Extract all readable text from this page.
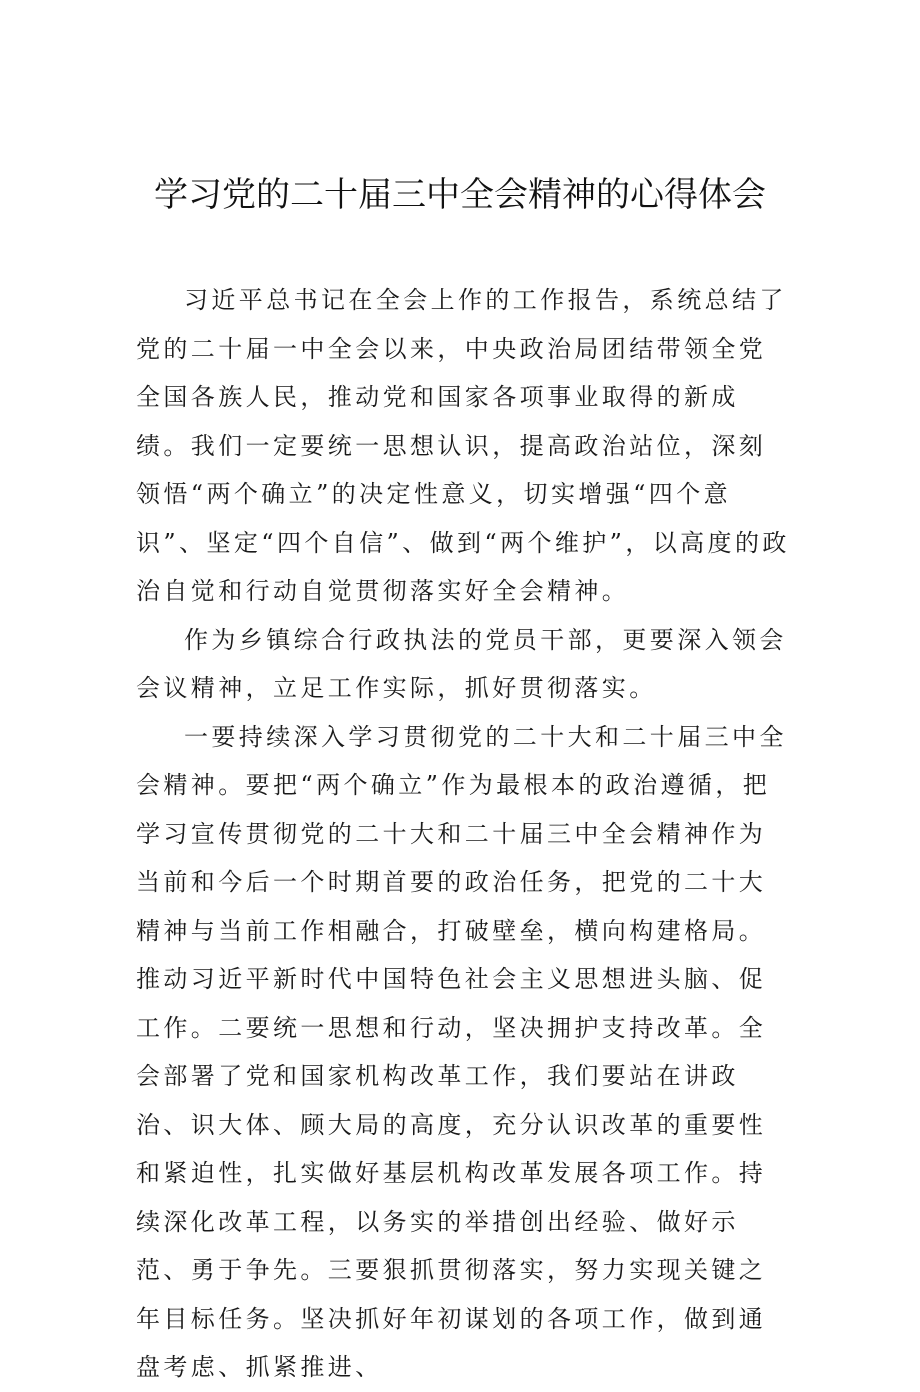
学习党的二十届三中全会精神的心得体会

习近平总书记在全会上作的工作报告，系统总结了党的二十届一中全会以来，中央政治局团结带领全党全国各族人民，推动党和国家各项事业取得的新成绩。我们一定要统一思想认识，提高政治站位，深刻领悟“两个确立”的决定性意义，切实增强“四个意识”、坚定“四个自信”、做到“两个维护”，以高度的政治自觉和行动自觉贯彻落实好全会精神。

作为乡镇综合行政执法的党员干部，更要深入领会会议精神，立足工作实际，抓好贯彻落实。

一要持续深入学习贯彻党的二十大和二十届三中全会精神。要把“两个确立”作为最根本的政治遵循，把学习宣传贯彻党的二十大和二十届三中全会精神作为当前和今后一个时期首要的政治任务，把党的二十大精神与当前工作相融合，打破壁垒，横向构建格局。推动习近平新时代中国特色社会主义思想进头脑、促工作。二要统一思想和行动，坚决拥护支持改革。全会部署了党和国家机构改革工作，我们要站在讲政治、识大体、顾大局的高度，充分认识改革的重要性和紧迫性，扎实做好基层机构改革发展各项工作。持续深化改革工程，以务实的举措创出经验、做好示范、勇于争先。三要狠抓贯彻落实，努力实现关键之年目标任务。坚决抓好年初谋划的各项工作，做到通盘考虑、抓紧推进、
